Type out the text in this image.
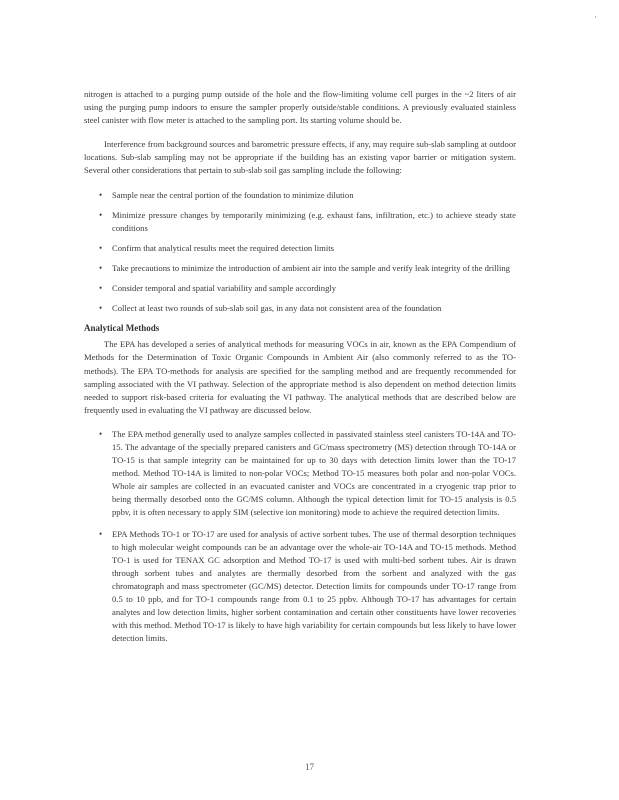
·

nitrogen is attached to a purging pump outside of the hole and the flow-limiting volume cell purges in the ~2 liters of air using the purging pump indoors to ensure the sampler properly outside/stable conditions. A previously evaluated stainless steel canister with flow meter is attached to the sampling port. Its starting volume should be.

Interference from background sources and barometric pressure effects, if any, may require sub-slab sampling at outdoor locations. Sub-slab sampling may not be appropriate if the building has an existing vapor barrier or mitigation system. Several other considerations that pertain to sub-slab soil gas sampling include the following:

• Sample near the central portion of the foundation to minimize dilution
• Minimize pressure changes by temporarily minimizing (e.g. exhaust fans, infiltration, etc.) to achieve steady state conditions
• Confirm that analytical results meet the required detection limits
• Take precautions to minimize the introduction of ambient air into the sample and verify leak integrity of the drilling
• Consider temporal and spatial variability and sample accordingly
• Collect at least two rounds of sub-slab soil gas, in any data not consistent area of the foundation
Analytical Methods

The EPA has developed a series of analytical methods for measuring VOCs in air, known as the EPA Compendium of Methods for the Determination of Toxic Organic Compounds in Ambient Air (also commonly referred to as the TO-methods). The EPA TO-methods for analysis are specified for the sampling method and are frequently recommended for sampling associated with the VI pathway. Selection of the appropriate method is also dependent on method detection limits needed to support risk-based criteria for evaluating the VI pathway. The analytical methods that are described below are frequently used in evaluating the VI pathway are discussed below.

• The EPA method generally used to analyze samples collected in passivated stainless steel canisters TO-14A and TO-15. The advantage of the specially prepared canisters and GC/mass spectrometry (MS) detection through TO-14A or TO-15 is that sample integrity can be maintained for up to 30 days with detection limits lower than the TO-17 method. Method TO-14A is limited to non-polar VOCs; Method TO-15 measures both polar and non-polar VOCs. Whole air samples are collected in an evacuated canister and VOCs are concentrated in a cryogenic trap prior to being thermally desorbed onto the GC/MS column. Although the typical detection limit for TO-15 analysis is 0.5 ppbv, it is often necessary to apply SIM (selective ion monitoring) mode to achieve the required detection limits.
• EPA Methods TO-1 or TO-17 are used for analysis of active sorbent tubes. The use of thermal desorption techniques to high molecular weight compounds can be an advantage over the whole-air TO-14A and TO-15 methods. Method TO-1 is used for TENAX GC adsorption and Method TO-17 is used with multi-bed sorbent tubes. Air is drawn through sorbent tubes and analytes are thermally desorbed from the sorbent and analyzed with the gas chromatograph and mass spectrometer (GC/MS) detector. Detection limits for compounds under TO-17 range from 0.5 to 10 ppb, and for TO-1 compounds range from 0.1 to 25 ppbv. Although TO-17 has advantages for certain analytes and low detection limits, higher sorbent contamination and certain other constituents have lower recoveries with this method. Method TO-17 is likely to have high variability for certain compounds but less likely to have lower detection limits.
17
